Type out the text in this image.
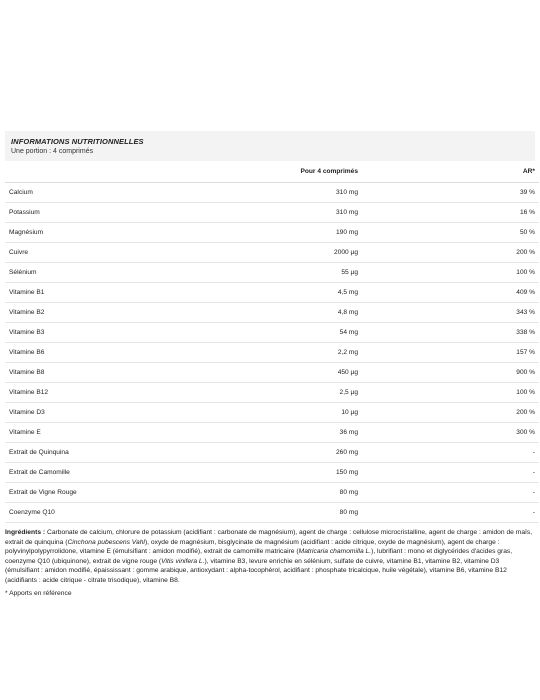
INFORMATIONS NUTRITIONNELLES
Une portion : 4 comprimés
	Pour 4 comprimés	AR*
Calcium	310 mg	39 %
Potassium	310 mg	16 %
Magnésium	190 mg	50 %
Cuivre	2000 µg	200 %
Sélénium	55 µg	100 %
Vitamine B1	4,5 mg	409 %
Vitamine B2	4,8 mg	343 %
Vitamine B3	54 mg	338 %
Vitamine B6	2,2 mg	157 %
Vitamine B8	450 µg	900 %
Vitamine B12	2,5 µg	100 %
Vitamine D3	10 µg	200 %
Vitamine E	36 mg	300 %
Extrait de Quinquina	260 mg	-
Extrait de Camomille	150 mg	-
Extrait de Vigne Rouge	80 mg	-
Coenzyme Q10	80 mg	-
Ingrédients : Carbonate de calcium, chlorure de potassium (acidifiant : carbonate de magnésium), agent de charge : cellulose microcristalline, agent de charge : amidon de maïs, extrait de quinquina (Cinchona pubescens Vahl), oxyde de magnésium, bisglycinate de magnésium (acidifiant : acide citrique, oxyde de magnésium), agent de charge : polyvinylpolypyrrolidone, vitamine E (émulsifiant : amidon modifié), extrait de camomille matricaire (Matricaria chamomilla L.), lubrifiant : mono et diglycérides d'acides gras, coenzyme Q10 (ubiquinone), extrait de vigne rouge (Vitis vinifera L.), vitamine B3, levure enrichie en sélénium, sulfate de cuivre, vitamine B1, vitamine B2, vitamine D3 (émulsifiant : amidon modifié, épaississant : gomme arabique, antioxydant : alpha-tocophérol, acidifiant : phosphate tricalcique, huile végétale), vitamine B6, vitamine B12 (acidifiants : acide citrique - citrate trisodique), vitamine B8.
* Apports en référence
